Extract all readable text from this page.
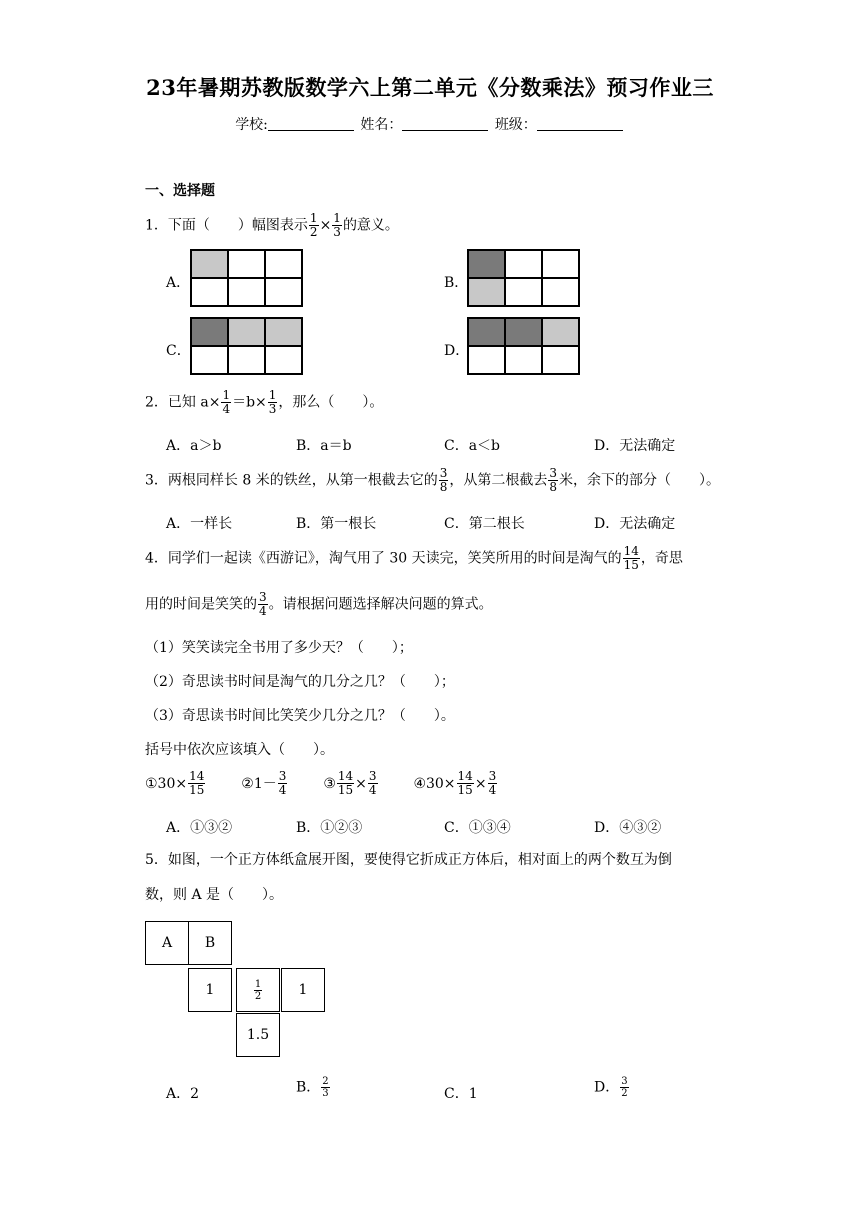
23年暑期苏教版数学六上第二单元《分数乘法》预习作业三
学校:	姓名：	班级：
一、选择题
1．下面（　　）幅图表示 $\frac{1}{2} \times \frac{1}{3}$ 的意义。
A．	B．
C．	D．
2．已知 $a\times \frac{1}{4} =b\times \frac{1}{3}$ ，那么（　　）。
A．a＞b	B．a＝b	C．a＜b	D．无法确定
3．两根同样长 8 米的铁丝，从第一根截去它的 $\frac{3}{8}$ ，从第二根截去 $\frac{3}{8}$ 米，余下的部分（　　）。
A．一样长	B．第一根长	C．第二根长	D．无法确定
4．同学们一起读《西游记》，淘气用了 30 天读完，笑笑所用的时间是淘气的 $\frac{14}{15}$ ，奇思
用的时间是笑笑的 $\frac{3}{4}$ 。请根据问题选择解决问题的算式。
（1）笑笑读完全书用了多少天？（　　）；
（2）奇思读书时间是淘气的几分之几？（　　）；
（3）奇思读书时间比笑笑少几分之几？（　　）。
括号中依次应该填入（　　）。
①30× $\frac{14}{15}$	②1－ $\frac{3}{4}$	③ $\frac{14}{15} \times \frac{3}{4}$	④30× $\frac{14}{15} \times \frac{3}{4}$
A．①③②	B．①②③	C．①③④	D．④③②
5．如图，一个正方体纸盒展开图，要使得它折成正方体后，相对面上的两个数互为倒
数，则 A 是（　　）。
A B
1	$\frac{1}{2}$	1
1.5
A．2	B． $\frac{2}{3}$	C．1	D． $\frac{3}{2}$
